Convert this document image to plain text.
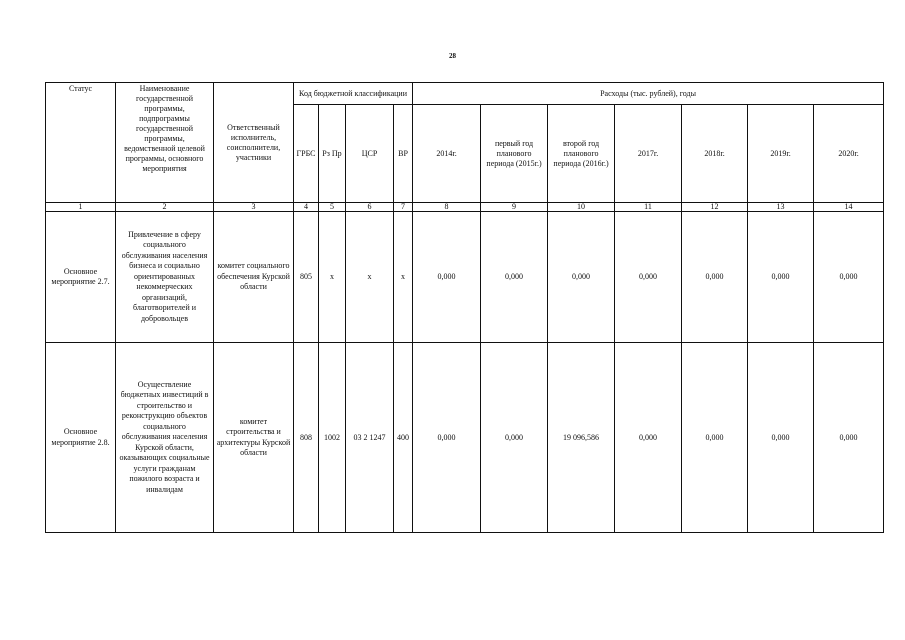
28
Статус	Наименование государственной программы, подпрограммы государственной программы, ведомственной целевой программы, основного мероприятия	Ответственный исполнитель, соисполнители, участники	Код бюджетной классификации				Расходы (тыс. рублей), годы						
			ГРБС	Рз Пр	ЦСР	ВР	2014г.	первый год планового периода (2015г.)	второй год планового периода (2016г.)	2017г.	2018г.	2019г.	2020г.
1	2	3	4	5	6	7	8	9	10	11	12	13	14
Основное мероприятие 2.7.	Привлечение в сферу социального обслуживания населения бизнеса и социально ориентированных некоммерческих организаций, благотворителей и добровольцев	комитет социального обеспечения Курской области	805	х	х	х	0,000	0,000	0,000	0,000	0,000	0,000	0,000
Основное мероприятие 2.8.	Осуществление бюджетных инвестиций в строительство и реконструкцию объектов социального обслуживания населения Курской области, оказывающих социальные услуги гражданам пожилого возраста и инвалидам	комитет строительства и архитектуры Курской области	808	1002	03 2 1247	400	0,000	0,000	19 096,586	0,000	0,000	0,000	0,000
